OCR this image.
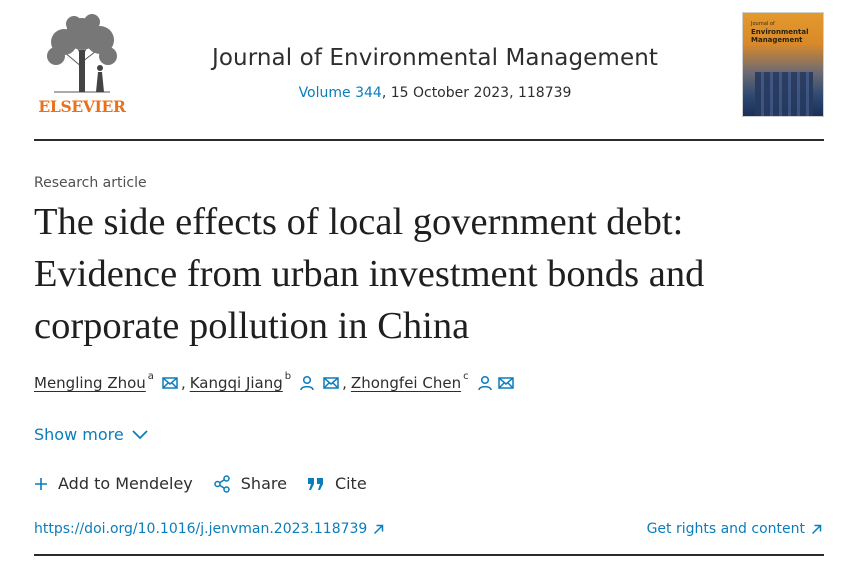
ELSEVIER
Journal of Environmental Management
Volume 344, 15 October 2023, 118739
Journal of
Environmental
Management
Research article
The side effects of local government debt: Evidence from urban investment bonds and corporate pollution in China
Mengling Zhou a , Kangqi Jiang b	, Zhongfei Chen c
Show more
Add to Mendeley	Share	Cite
https://doi.org/10.1016/j.jenvman.2023.118739	Get rights and content
